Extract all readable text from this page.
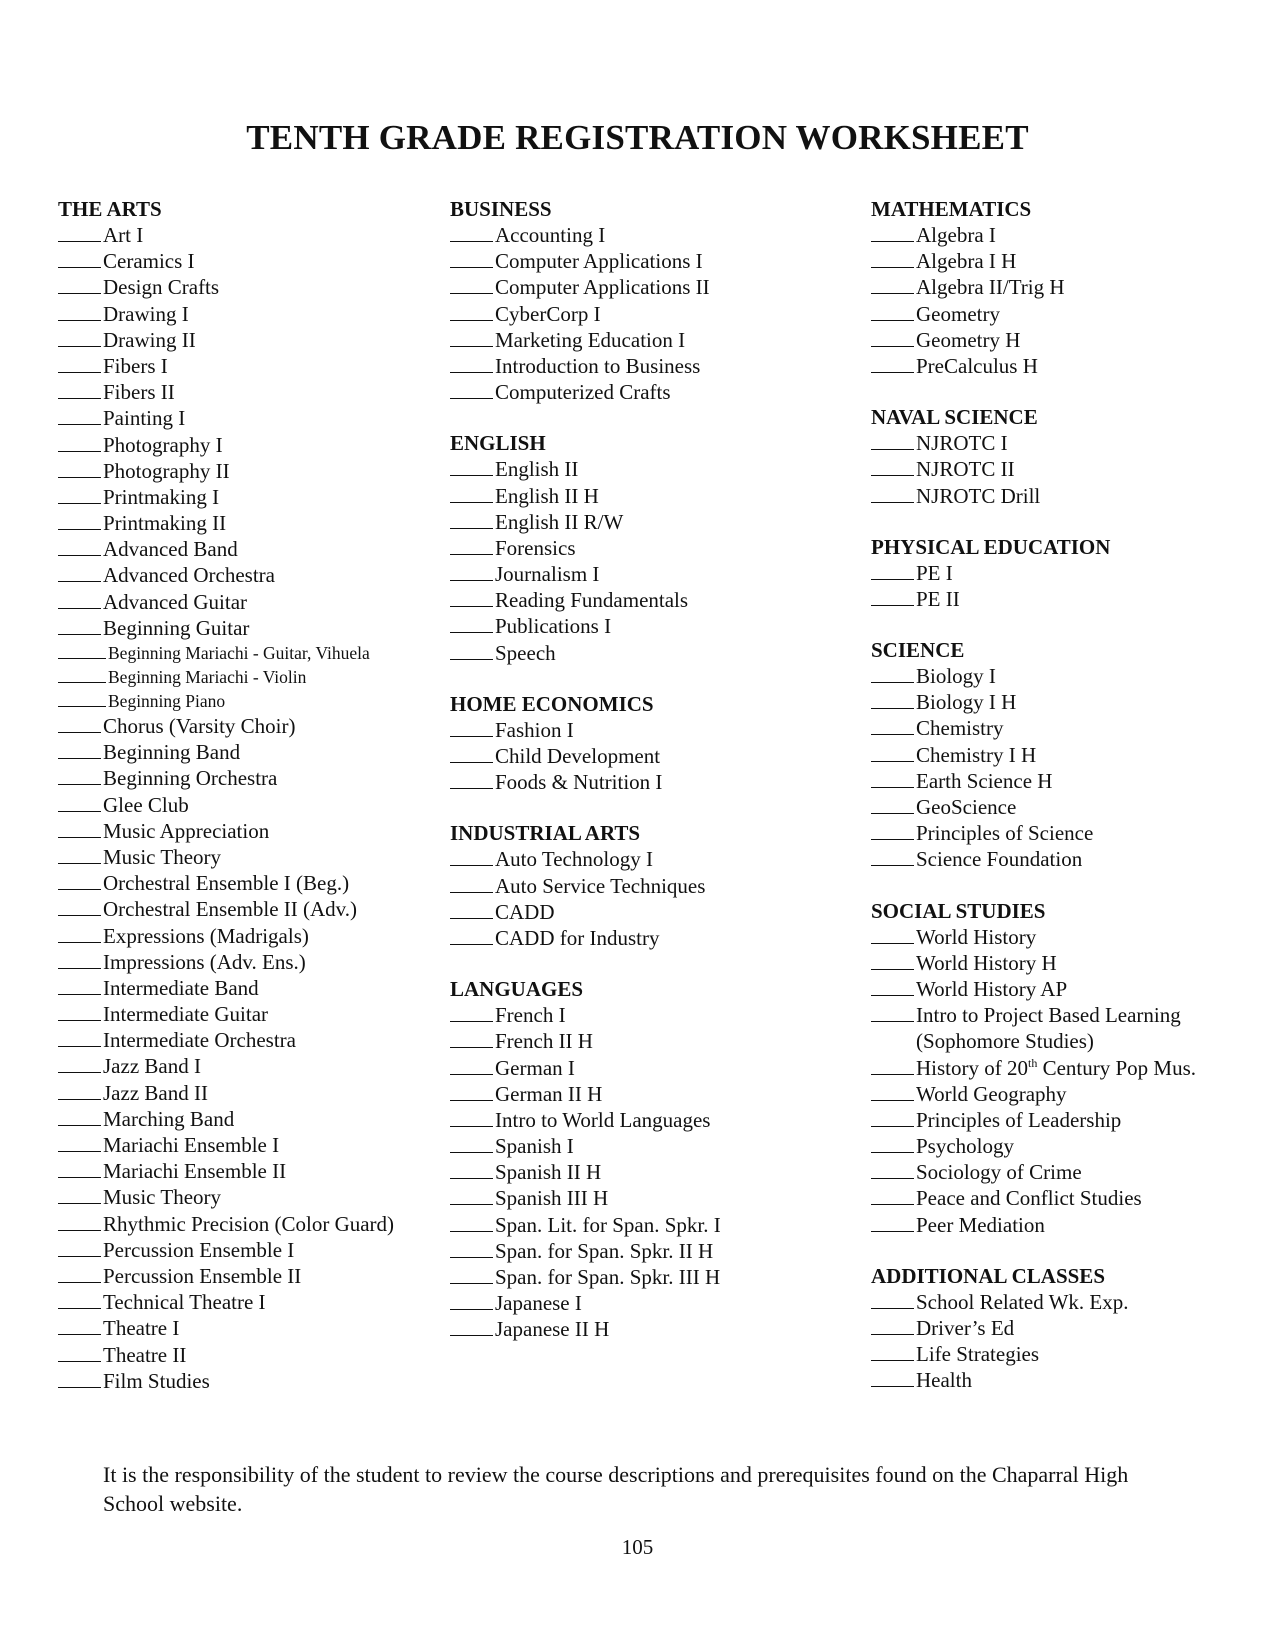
TENTH GRADE REGISTRATION WORKSHEET
THE ARTS
Art I
Ceramics I
Design Crafts
Drawing I
Drawing II
Fibers I
Fibers II
Painting I
Photography I
Photography II
Printmaking I
Printmaking II
Advanced Band
Advanced Orchestra
Advanced Guitar
Beginning Guitar
Beginning Mariachi - Guitar, Vihuela
Beginning Mariachi - Violin
Beginning Piano
Chorus (Varsity Choir)
Beginning Band
Beginning Orchestra
Glee Club
Music Appreciation
Music Theory
Orchestral Ensemble I (Beg.)
Orchestral Ensemble II (Adv.)
Expressions (Madrigals)
Impressions (Adv. Ens.)
Intermediate Band
Intermediate Guitar
Intermediate Orchestra
Jazz Band I
Jazz Band II
Marching Band
Mariachi Ensemble I
Mariachi Ensemble II
Music Theory
Rhythmic Precision (Color Guard)
Percussion Ensemble I
Percussion Ensemble II
Technical Theatre I
Theatre I
Theatre II
Film Studies
BUSINESS
Accounting I
Computer Applications I
Computer Applications II
CyberCorp I
Marketing Education I
Introduction to Business
Computerized Crafts
ENGLISH
English II
English II H
English II R/W
Forensics
Journalism I
Reading Fundamentals
Publications I
Speech
HOME ECONOMICS
Fashion I
Child Development
Foods & Nutrition I
INDUSTRIAL ARTS
Auto Technology I
Auto Service Techniques
CADD
CADD for Industry
LANGUAGES
French I
French II H
German I
German II H
Intro to World Languages
Spanish I
Spanish II H
Spanish III H
Span. Lit. for Span. Spkr. I
Span. for Span. Spkr. II H
Span. for Span. Spkr. III H
Japanese I
Japanese II H
MATHEMATICS
Algebra I
Algebra I H
Algebra II/Trig H
Geometry
Geometry H
PreCalculus H
NAVAL SCIENCE
NJROTC I
NJROTC II
NJROTC Drill
PHYSICAL EDUCATION
PE I
PE II
SCIENCE
Biology I
Biology I H
Chemistry
Chemistry I H
Earth Science H
GeoScience
Principles of Science
Science Foundation
SOCIAL STUDIES
World History
World History H
World History AP
Intro to Project Based Learning
(Sophomore Studies)
History of 20th Century Pop Mus.
World Geography
Principles of Leadership
Psychology
Sociology of Crime
Peace and Conflict Studies
Peer Mediation
ADDITIONAL CLASSES
School Related Wk. Exp.
Driver’s Ed
Life Strategies
Health
It is the responsibility of the student to review the course descriptions and prerequisites found on the Chaparral High School website.
105
